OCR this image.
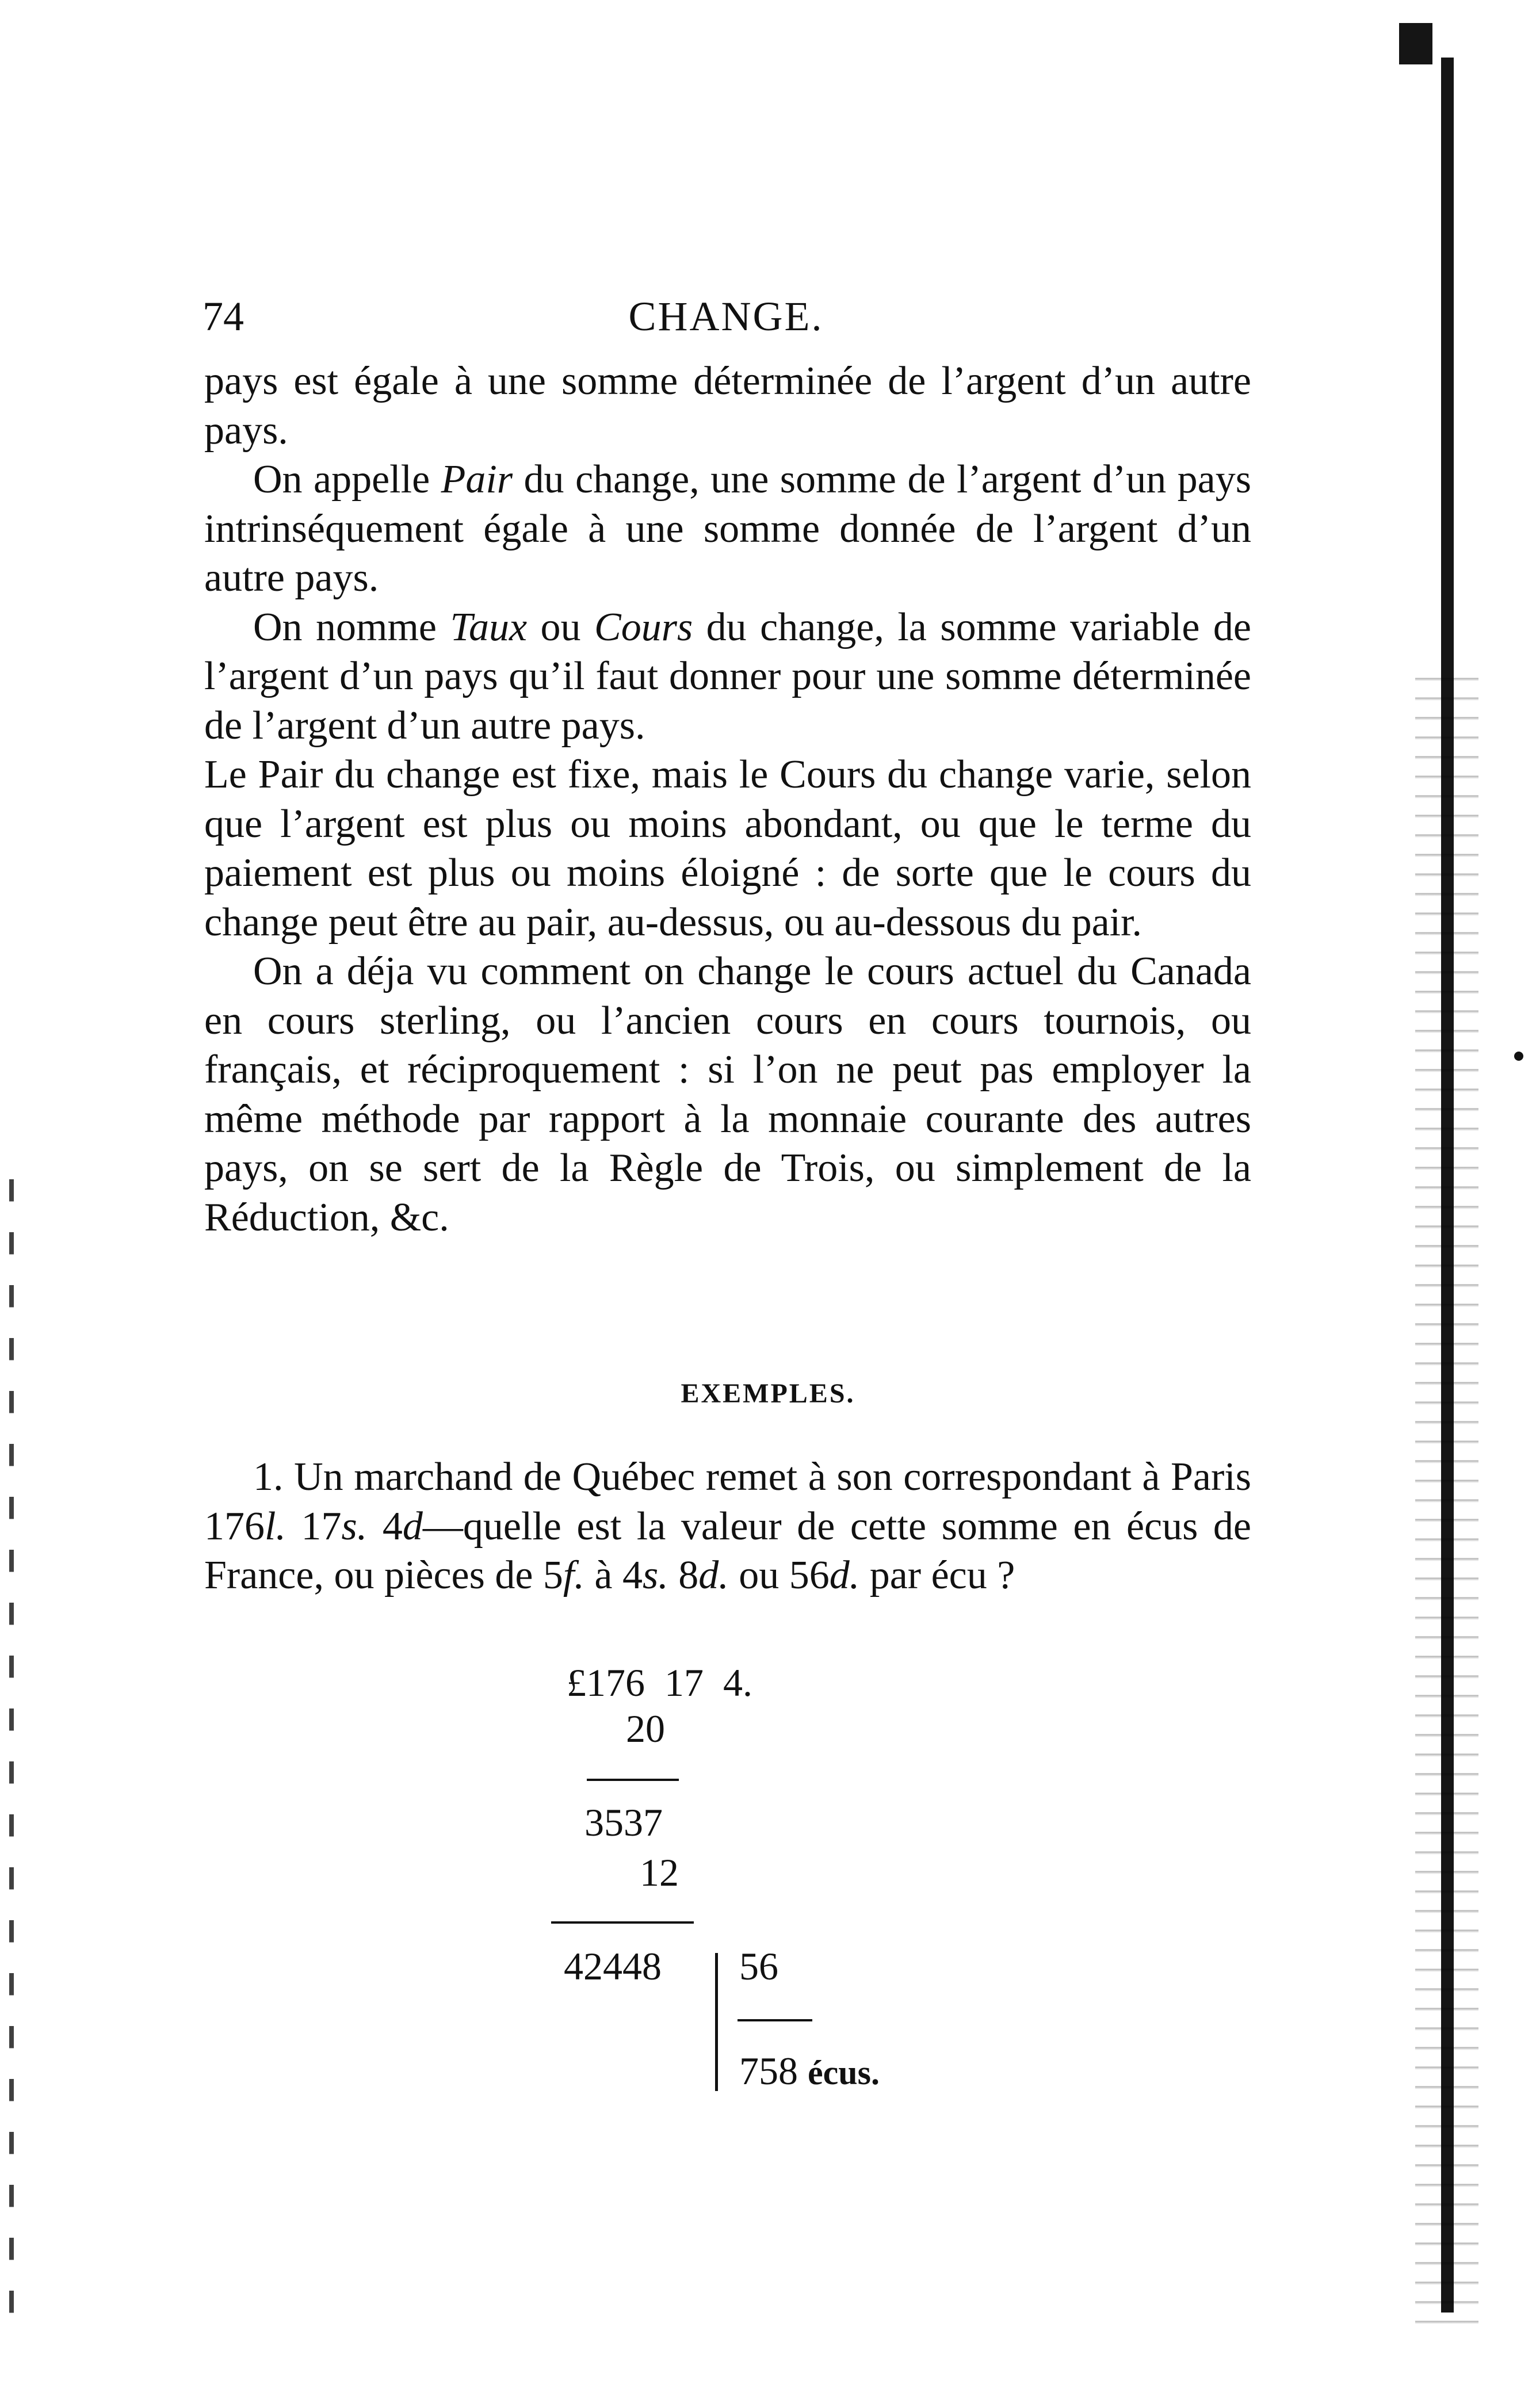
74	CHANGE.

pays est égale à une somme déterminée de l’argent d’un autre pays.

On appelle Pair du change, une somme de l’argent d’un pays intrinséquement égale à une somme donnée de l’argent d’un autre pays.

On nomme Taux ou Cours du change, la somme variable de l’argent d’un pays qu’il faut donner pour une somme déterminée de l’argent d’un autre pays.

Le Pair du change est fixe, mais le Cours du change varie, selon que l’argent est plus ou moins abondant, ou que le terme du paiement est plus ou moins éloigné : de sorte que le cours du change peut être au pair, au-dessus, ou au-dessous du pair.

On a déja vu comment on change le cours actuel du Canada en cours sterling, ou l’ancien cours en cours tournois, ou français, et réciproquement : si l’on ne peut pas employer la même méthode par rapport à la monnaie courante des autres pays, on se sert de la Règle de Trois, ou simplement de la Réduction, &c.

EXEMPLES.

1. Un marchand de Québec remet à son correspondant à Paris 176l. 17s. 4d—quelle est la valeur de cette somme en écus de France, ou pièces de 5f. à 4s. 8d. ou 56d. par écu ?

£176  17  4.
20
3537
12
42448 56
758 écus.
